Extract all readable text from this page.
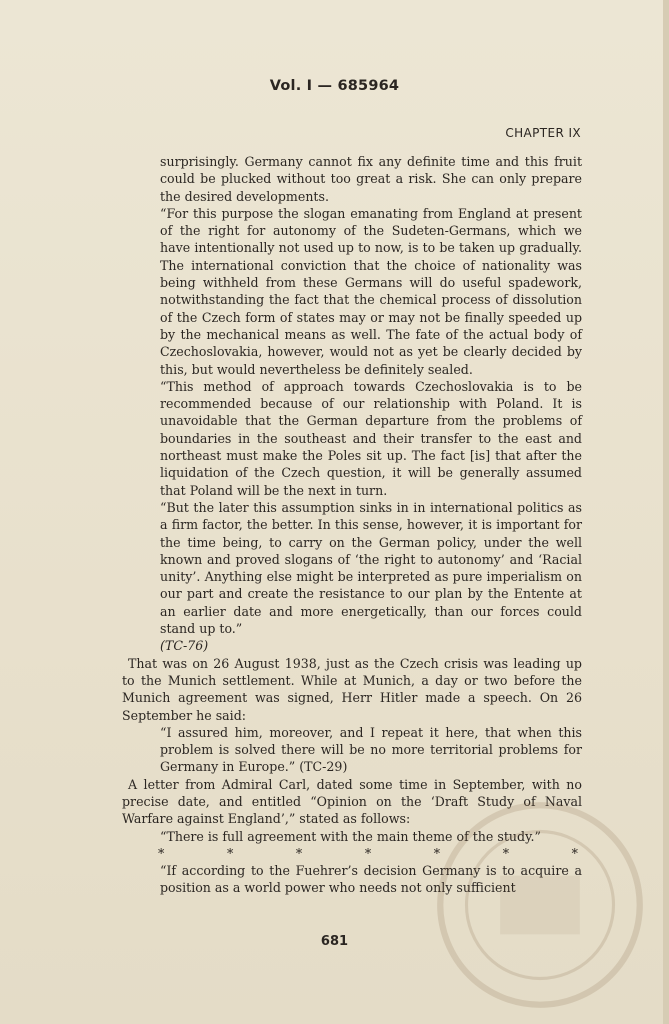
Vol. I — 685964
CHAPTER IX

surprisingly. Germany cannot fix any definite time and this fruit could be plucked without too great a risk. She can only prepare the desired developments.

“For this purpose the slogan emanating from England at present of the right for autonomy of the Sudeten-Germans, which we have intentionally not used up to now, is to be taken up gradually. The international conviction that the choice of nationality was being withheld from these Germans will do useful spadework, notwithstanding the fact that the chemical process of dissolution of the Czech form of states may or may not be finally speeded up by the mechanical means as well. The fate of the actual body of Czechoslovakia, however, would not as yet be clearly decided by this, but would nevertheless be definitely sealed.

“This method of approach towards Czechoslovakia is to be recommended because of our relationship with Poland. It is unavoidable that the German departure from the problems of boundaries in the southeast and their transfer to the east and northeast must make the Poles sit up. The fact [is] that after the liquidation of the Czech question, it will be generally assumed that Poland will be the next in turn.

“But the later this assumption sinks in in international politics as a firm factor, the better. In this sense, however, it is important for the time being, to carry on the German policy, under the well known and proved slogans of ‘the right to autonomy’ and ‘Racial unity’. Anything else might be interpreted as pure imperialism on our part and create the resistance to our plan by the Entente at an earlier date and more energetically, than our forces could stand up to.”

(TC-76)

That was on 26 August 1938, just as the Czech crisis was leading up to the Munich settlement. While at Munich, a day or two before the Munich agreement was signed, Herr Hitler made a speech. On 26 September he said:

“I assured him, moreover, and I repeat it here, that when this problem is solved there will be no more territorial problems for Germany in Europe.” (TC-29)

A letter from Admiral Carl, dated some time in September, with no precise date, and entitled “Opinion on the ‘Draft Study of Naval Warfare against England’,” stated as follows:

“There is full agreement with the main theme of the study.”

*	*	*	*	*	*	*

“If according to the Fuehrer’s decision Germany is to acquire a position as a world power who needs not only sufficient

681
